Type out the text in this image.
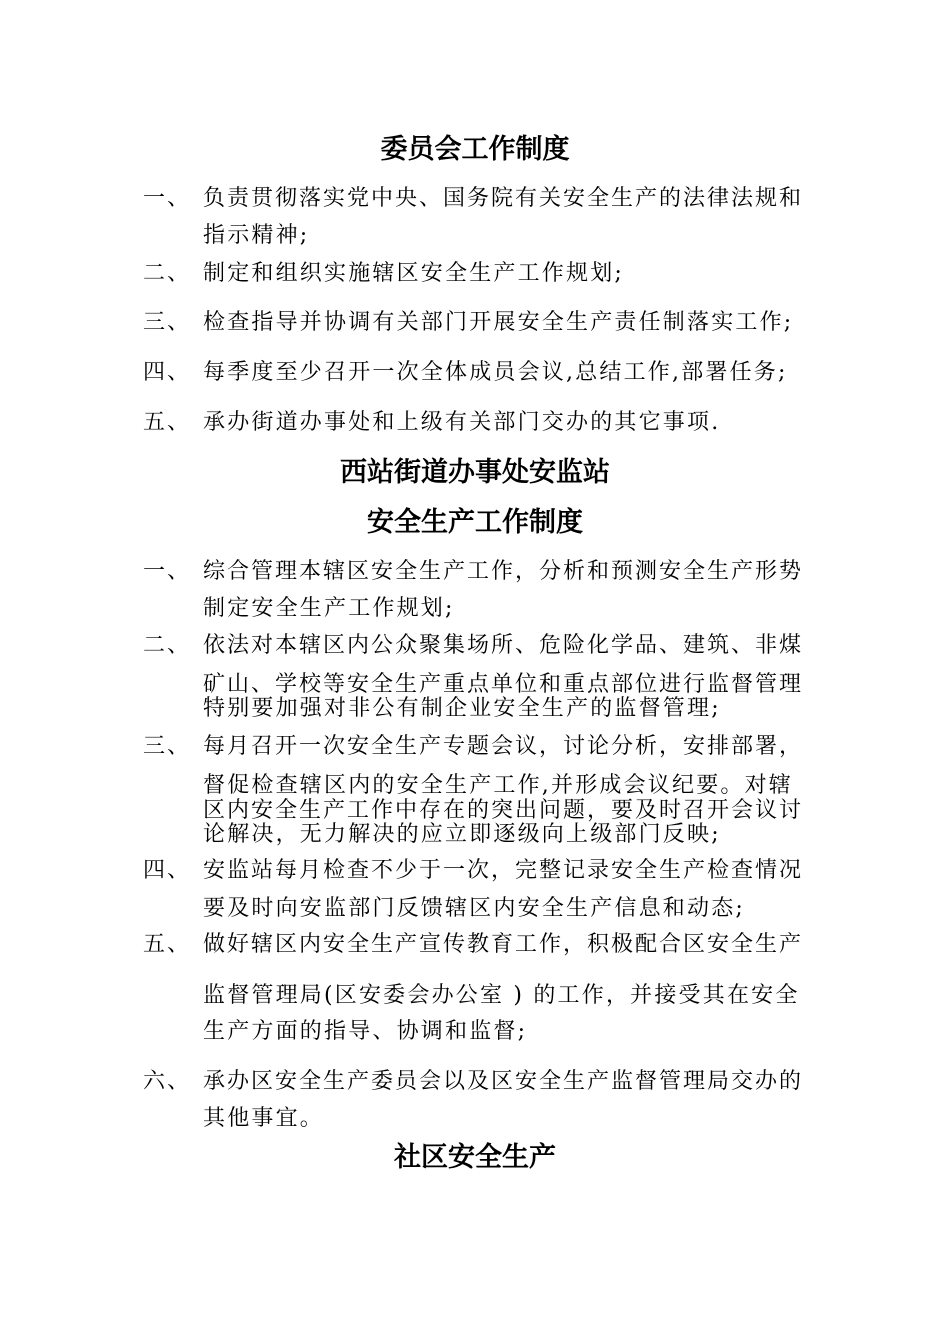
委员会工作制度
一、 负责贯彻落实党中央、国务院有关安全生产的法律法规和
指示精神;
二、 制定和组织实施辖区安全生产工作规划;
三、 检查指导并协调有关部门开展安全生产责任制落实工作;
四、 每季度至少召开一次全体成员会议,总结工作,部署任务;
五、 承办街道办事处和上级有关部门交办的其它事项.
西站街道办事处安监站
安全生产工作制度
一、 综合管理本辖区安全生产工作，分析和预测安全生产形势
制定安全生产工作规划;
二、 依法对本辖区内公众聚集场所、危险化学品、建筑、非煤
矿山、学校等安全生产重点单位和重点部位进行监督管理
特别要加强对非公有制企业安全生产的监督管理;
三、 每月召开一次安全生产专题会议，讨论分析，安排部署，
督促检查辖区内的安全生产工作,并形成会议纪要。对辖
区内安全生产工作中存在的突出问题，要及时召开会议讨
论解决，无力解决的应立即逐级向上级部门反映;
四、 安监站每月检查不少于一次，完整记录安全生产检查情况
要及时向安监部门反馈辖区内安全生产信息和动态;
五、 做好辖区内安全生产宣传教育工作，积极配合区安全生产
监督管理局(区安委会办公室 ) 的工作，并接受其在安全
生产方面的指导、协调和监督;
六、 承办区安全生产委员会以及区安全生产监督管理局交办的
其他事宜。
社区安全生产
